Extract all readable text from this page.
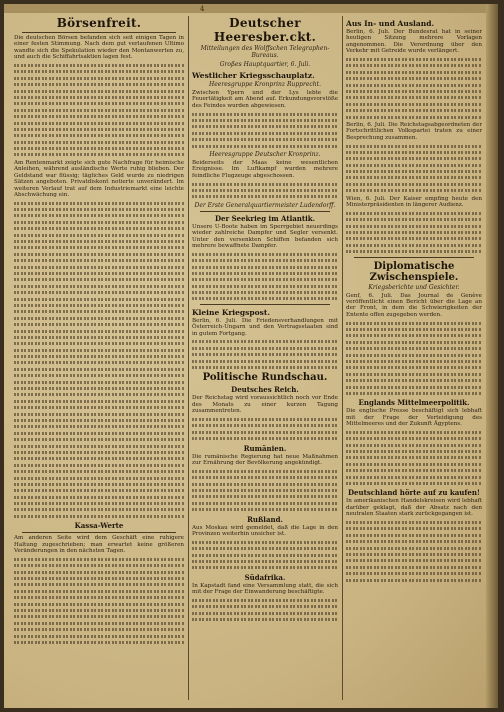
4
Börsenfreit.

Die deutschen Börsen befanden sich seit einigen Tagen in einer festen Stimmung. Nach dem gut verlaufenen Ultimo wandte sich die Spekulation wieder den Montanwerten zu, und auch die Schiffahrtsaktien lagen fest.

Am Rentenmarkt zeigte sich gute Nachfrage für heimische Anleihen, während ausländische Werte ruhig blieben. Der Geldstand war flüssig; tägliches Geld wurde zu niedrigen Sätzen angeboten. Privatdiskont notierte unverändert. Im weiteren Verlauf trat auf dem Industriemarkt eine leichte Abschwächung ein.

Kassa-Werte

Am anderen Seite wird dem Geschäft eine ruhigere Haltung zugeschrieben; man erwartet keine größeren Veränderungen in den nächsten Tagen.

Deutscher Heeresber.ckt.
Mitteilungen des Wolffschen Telegraphen-Bureaus.
Großes Hauptquartier, 6. Juli.
Westlicher Kriegsschauplatz.
Heeresgruppe Kronprinz Rupprecht.

Zwischen Ypern und der Lys lebte die Feuertätigkeit am Abend auf. Erkundungsvorstöße des Feindes wurden abgewiesen.

Heeresgruppe Deutscher Kronprinz.

Beiderseits der Maas keine wesentlichen Ereignisse. Im Luftkampf wurden mehrere feindliche Flugzeuge abgeschossen.

Der Erste Generalquartiermeister Ludendorff.
Der Seekrieg im Atlantik.

Unsere U-Boote haben im Sperrgebiet neuerdings wieder zahlreiche Dampfer und Segler versenkt. Unter den versenkten Schiffen befanden sich mehrere bewaffnete Dampfer.

Kleine Kriegspost.

Berlin, 6. Juli. Die Friedensverhandlungen mit Österreich-Ungarn und den Vertragsstaaten sind in gutem Fortgang.

Politische Rundschau.
Deutsches Reich.

Der Reichstag wird voraussichtlich noch vor Ende des Monats zu einer kurzen Tagung zusammentreten.

Rumänien.

Die rumänische Regierung hat neue Maßnahmen zur Ernährung der Bevölkerung angekündigt.

Rußland.

Aus Moskau wird gemeldet, daß die Lage in den Provinzen weiterhin unsicher ist.

Südafrika.

In Kapstadt fand eine Versammlung statt, die sich mit der Frage der Einwanderung beschäftigte.

Aus In- und Ausland.

Berlin, 6. Juli. Der Bundesrat hat in seiner heutigen Sitzung mehrere Vorlagen angenommen. Die Verordnung über den Verkehr mit Getreide wurde verlängert.

Berlin, 6. Juli. Die Reichstagsabgeordneten der Fortschrittlichen Volkspartei traten zu einer Besprechung zusammen.

Wien, 6. Juli. Der Kaiser empfing heute den Ministerpräsidenten in längerer Audienz.

Diplomatische Zwischenspiele.
Kriegsberichte und Gesichter.

Genf, 6. Juli. Das Journal de Genève veröffentlicht einen Bericht über die Lage an der Front, in dem die Schwierigkeiten der Entente offen zugegeben werden.

Englands Mittelmeerpolitik.

Die englische Presse beschäftigt sich lebhaft mit der Frage der Verteidigung des Mittelmeeres und der Zukunft Ägyptens.

Deutschland hörte auf zu kaufen!

In amerikanischen Handelskreisen wird lebhaft darüber geklagt, daß der Absatz nach den neutralen Staaten stark zurückgegangen ist.
